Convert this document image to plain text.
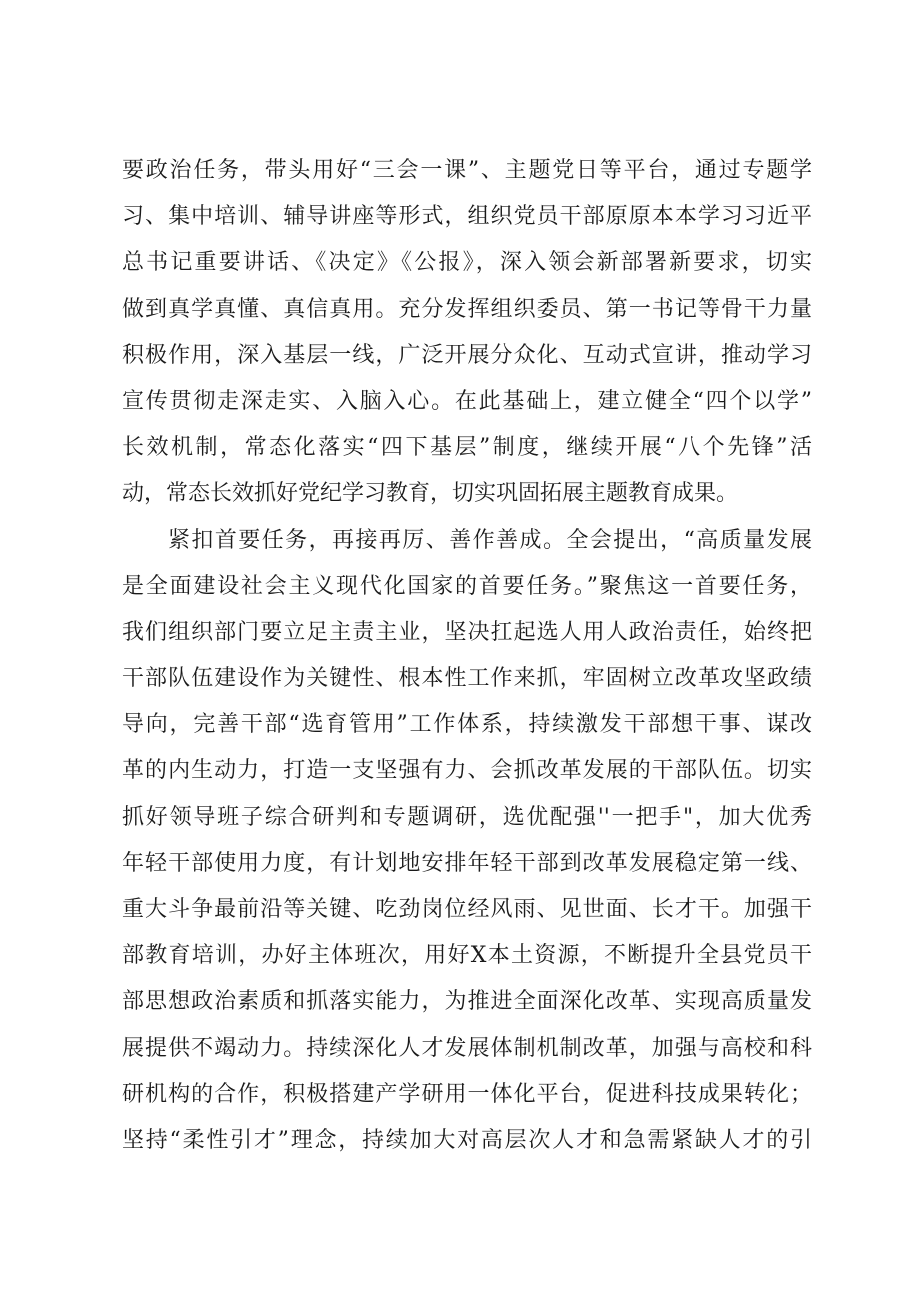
要政治任务，带头用好“三会一课”、主题党日等平台，通过专题学
习、集中培训、辅导讲座等形式，组织党员干部原原本本学习习近平
总书记重要讲话、《决定》《公报》，深入领会新部署新要求，切实
做到真学真懂、真信真用。充分发挥组织委员、第一书记等骨干力量
积极作用，深入基层一线，广泛开展分众化、互动式宣讲，推动学习
宣传贯彻走深走实、入脑入心。在此基础上，建立健全“四个以学”
长效机制，常态化落实“四下基层”制度，继续开展“八个先锋”活
动，常态长效抓好党纪学习教育，切实巩固拓展主题教育成果。
紧扣首要任务，再接再厉、善作善成。全会提出，“高质量发展
是全面建设社会主义现代化国家的首要任务。”聚焦这一首要任务，
我们组织部门要立足主责主业，坚决扛起选人用人政治责任，始终把
干部队伍建设作为关键性、根本性工作来抓，牢固树立改革攻坚政绩
导向，完善干部“选育管用”工作体系，持续激发干部想干事、谋改
革的内生动力，打造一支坚强有力、会抓改革发展的干部队伍。切实
抓好领导班子综合研判和专题调研，选优配强''一把手"，加大优秀
年轻干部使用力度，有计划地安排年轻干部到改革发展稳定第一线、
重大斗争最前沿等关键、吃劲岗位经风雨、见世面、长才干。加强干
部教育培训，办好主体班次，用好X本土资源，不断提升全县党员干
部思想政治素质和抓落实能力，为推进全面深化改革、实现高质量发
展提供不竭动力。持续深化人才发展体制机制改革，加强与高校和科
研机构的合作，积极搭建产学研用一体化平台，促进科技成果转化；
坚持“柔性引才”理念，持续加大对高层次人才和急需紧缺人才的引
